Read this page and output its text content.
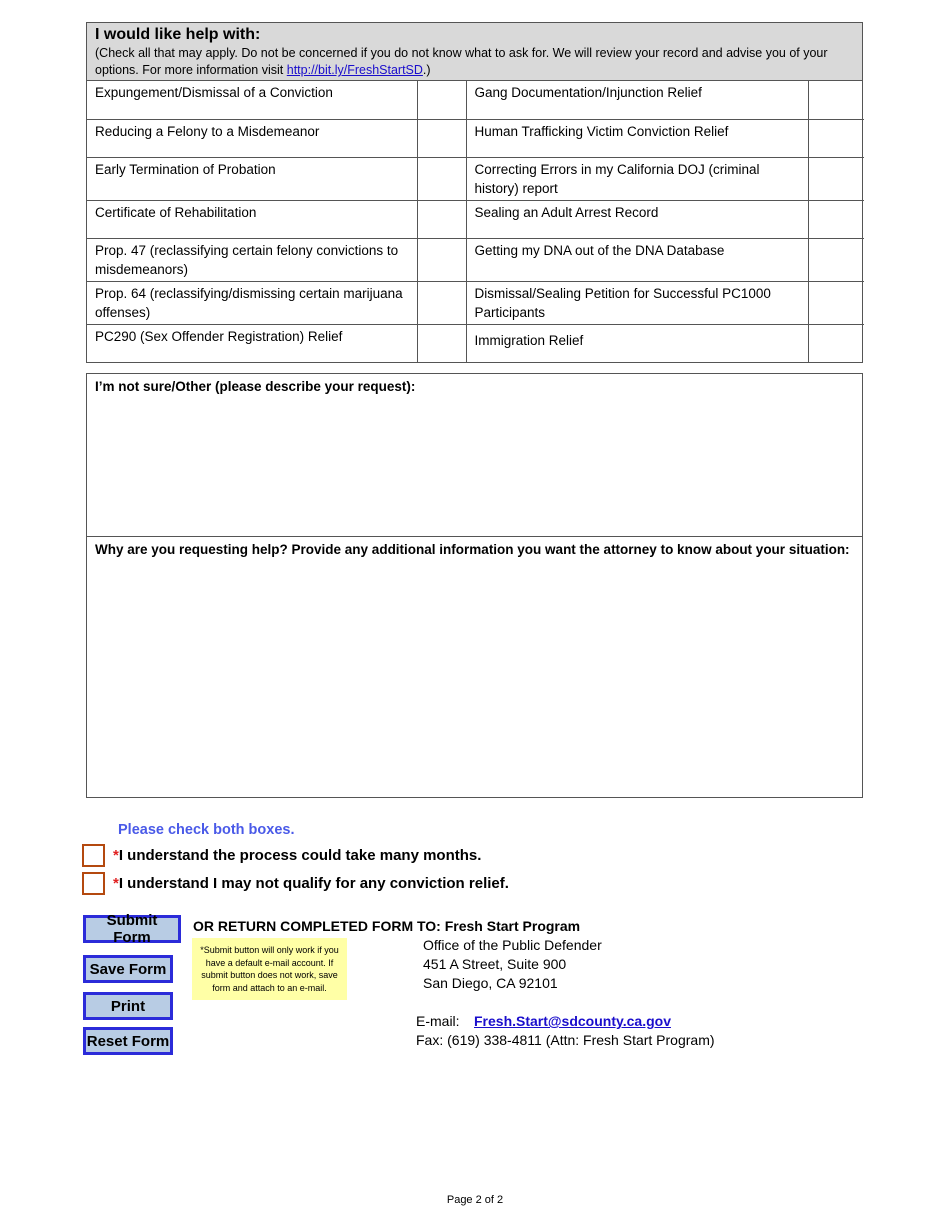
I would like help with:
(Check all that may apply. Do not be concerned if you do not know what to ask for. We will review your record and advise you of your options. For more information visit http://bit.ly/FreshStartSD.)
Expungement/Dismissal of a Conviction		Gang Documentation/Injunction Relief	
Reducing a Felony to a Misdemeanor		Human Trafficking Victim Conviction Relief	
Early Termination of Probation		Correcting Errors in my California DOJ (criminal history) report	
Certificate of Rehabilitation		Sealing an Adult Arrest Record	
Prop. 47 (reclassifying certain felony convictions to misdemeanors)		Getting my DNA out of the DNA Database	
Prop. 64 (reclassifying/dismissing certain marijuana offenses)		Dismissal/Sealing Petition for Successful PC1000 Participants	
PC290 (Sex Offender Registration) Relief		Immigration Relief	
I’m not sure/Other (please describe your request):
Why are you requesting help? Provide any additional information you want the attorney to know about your situation:
Please check both boxes.
* I understand the process could take many months.
* I understand I may not qualify for any conviction relief.
Submit Form
Save Form
Print
Reset Form
*Submit button will only work if you have a default e-mail account. If submit button does not work, save form and attach to an e-mail.
OR RETURN COMPLETED FORM TO: Fresh Start Program
Office of the Public Defender
451 A Street, Suite 900
San Diego, CA 92101
E-mail: Fresh.Start@sdcounty.ca.gov
Fax: (619) 338-4811 (Attn: Fresh Start Program)
Page 2 of 2
